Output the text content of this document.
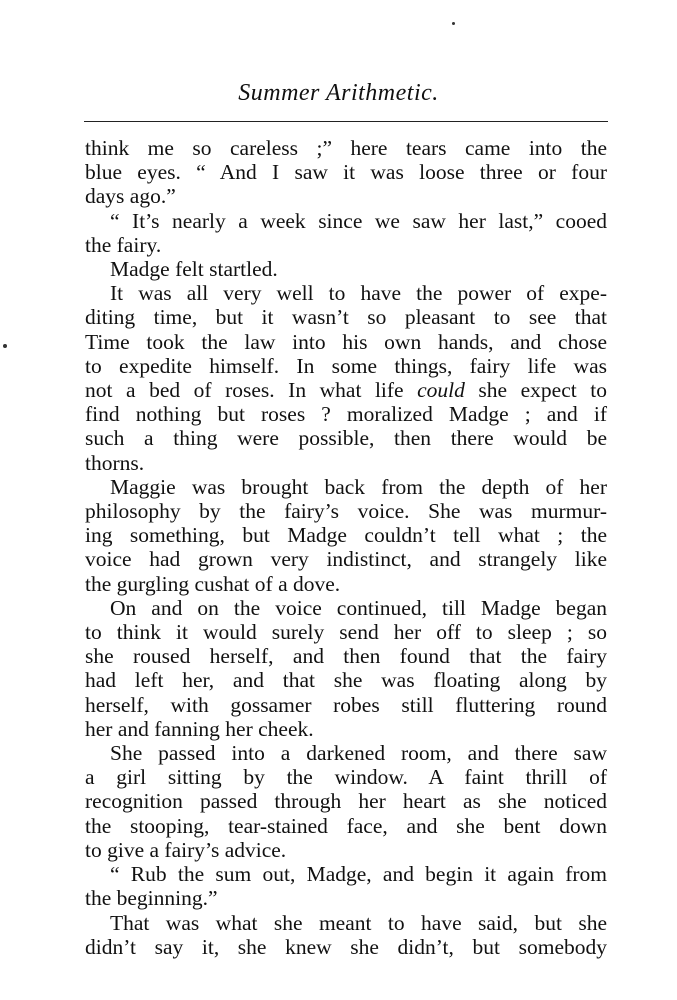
Summer Arithmetic.
think me so careless ;” here tears came into the
blue eyes. “ And I saw it was loose three or four
days ago.”
“ It’s nearly a week since we saw her last,” cooed
the fairy.
Madge felt startled.
It was all very well to have the power of expe-
diting time, but it wasn’t so pleasant to see that
Time took the law into his own hands, and chose
to expedite himself. In some things, fairy life was
not a bed of roses. In what life could she expect to
find nothing but roses ? moralized Madge ; and if
such a thing were possible, then there would be
thorns.
Maggie was brought back from the depth of her
philosophy by the fairy’s voice. She was murmur-
ing something, but Madge couldn’t tell what ; the
voice had grown very indistinct, and strangely like
the gurgling cushat of a dove.
On and on the voice continued, till Madge began
to think it would surely send her off to sleep ; so
she roused herself, and then found that the fairy
had left her, and that she was floating along by
herself, with gossamer robes still fluttering round
her and fanning her cheek.
She passed into a darkened room, and there saw
a girl sitting by the window. A faint thrill of
recognition passed through her heart as she noticed
the stooping, tear-stained face, and she bent down
to give a fairy’s advice.
“ Rub the sum out, Madge, and begin it again from
the beginning.”
That was what she meant to have said, but she
didn’t say it, she knew she didn’t, but somebody
